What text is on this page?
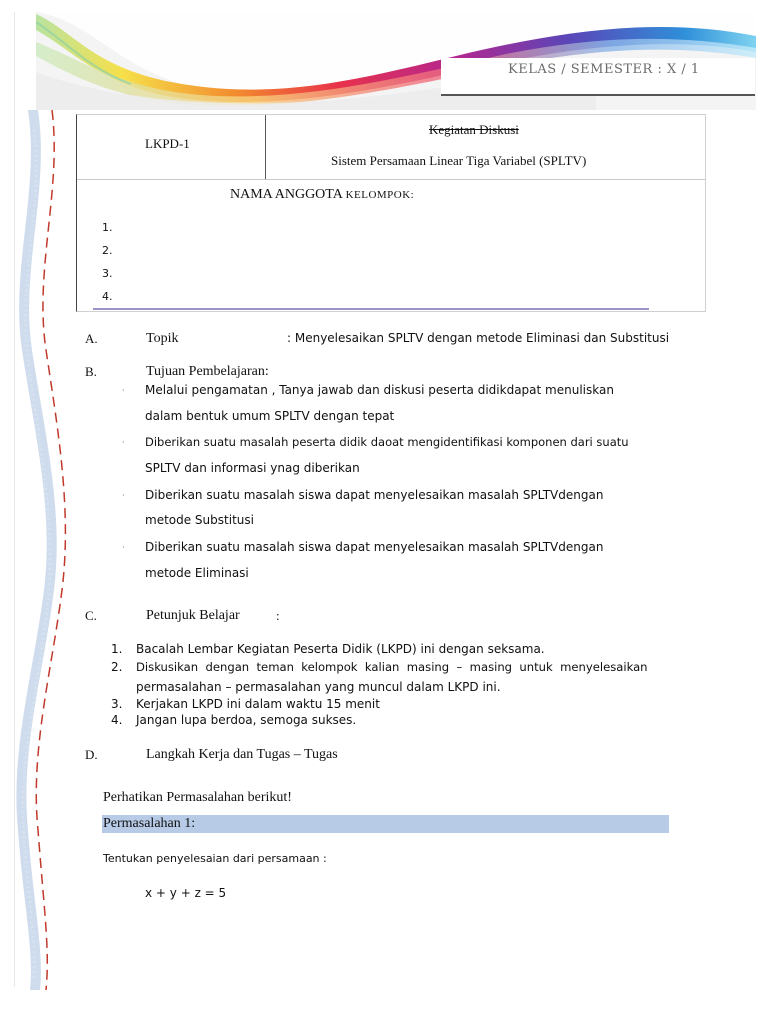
KELAS / SEMESTER : X / 1
LKPD-1
Kegiatan Diskusi
Sistem Persamaan Linear Tiga Variabel (SPLTV)
NAMA ANGGOTA KELOMPOK:
1.
2.
3.
4.
A.	Topik	: Menyelesaikan SPLTV dengan metode Eliminasi dan Substitusi
B.	Tujuan Pembelajaran:
· Melalui pengamatan , Tanya jawab dan diskusi peserta didikdapat menuliskan
dalam bentuk umum SPLTV dengan tepat
· Diberikan suatu masalah peserta didik daoat mengidentifikasi komponen dari suatu
SPLTV dan informasi ynag diberikan
· Diberikan suatu masalah siswa dapat menyelesaikan masalah SPLTVdengan
metode Substitusi
· Diberikan suatu masalah siswa dapat menyelesaikan masalah SPLTVdengan
metode Eliminasi
C.	Petunjuk Belajar	:
1. Bacalah Lembar Kegiatan Peserta Didik (LKPD) ini dengan seksama.
2. Diskusikan  dengan  teman  kelompok  kalian  masing  –  masing  untuk  menyelesaikan
permasalahan – permasalahan yang muncul dalam LKPD ini.
3. Kerjakan LKPD ini dalam waktu 15 menit
4. Jangan lupa berdoa, semoga sukses.
D.	Langkah Kerja dan Tugas – Tugas
Perhatikan Permasalahan berikut!
Permasalahan 1:
Tentukan penyelesaian dari persamaan :
x + y + z = 5
